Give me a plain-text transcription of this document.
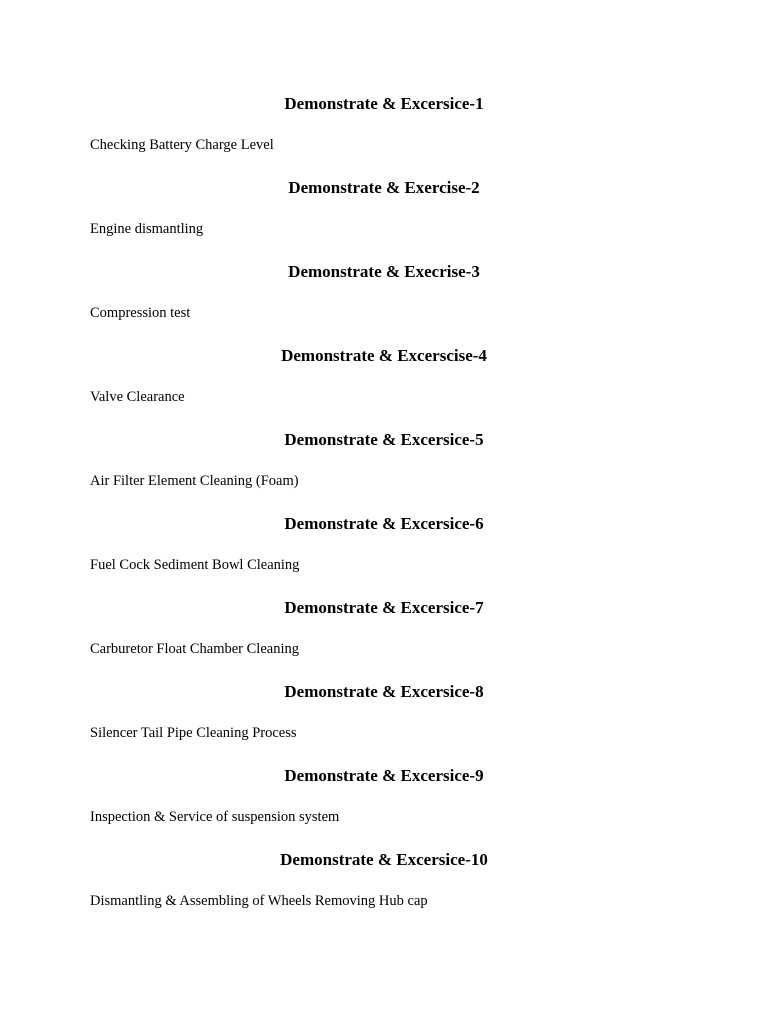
Demonstrate & Excersice-1

Checking Battery Charge Level

Demonstrate & Exercise-2

Engine dismantling

Demonstrate & Execrise-3

Compression test

Demonstrate & Excerscise-4

Valve Clearance

Demonstrate & Excersice-5

Air Filter Element Cleaning (Foam)

Demonstrate & Excersice-6

Fuel Cock Sediment Bowl Cleaning

Demonstrate & Excersice-7

Carburetor Float Chamber Cleaning

Demonstrate & Excersice-8

Silencer Tail Pipe Cleaning Process

Demonstrate & Excersice-9

Inspection & Service of suspension system

Demonstrate & Excersice-10

Dismantling & Assembling of Wheels Removing Hub cap
